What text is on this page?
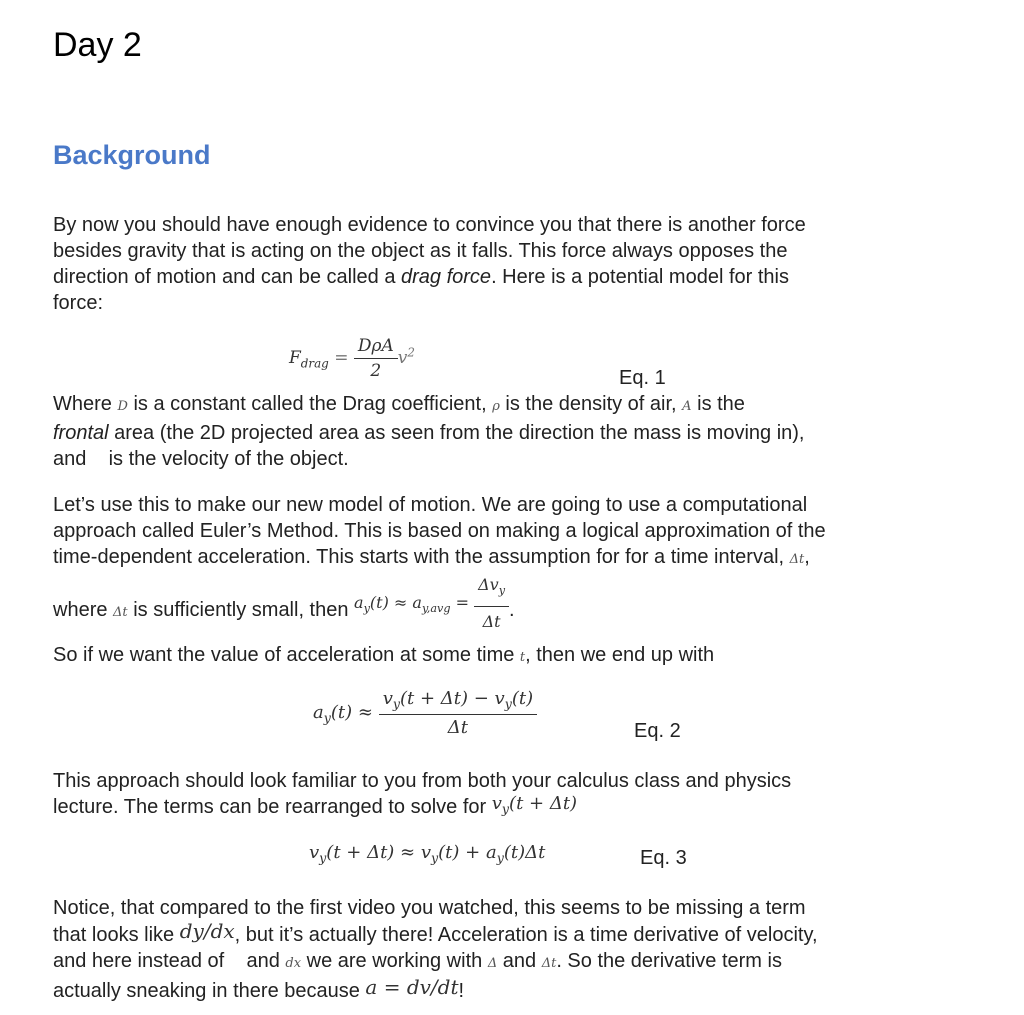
Day 2
Background
By now you should have enough evidence to convince you that there is another force
besides gravity that is acting on the object as it falls. This force always opposes the
direction of motion and can be called a drag force. Here is a potential model for this
force:
$F_{drag} = \frac{\text{DρA}}{2} v^2$
Eq. 1
Where D is a constant called the Drag coefficient, ρ is the density of air, A is the
frontal area (the 2D projected area as seen from the direction the mass is moving in),
and    is the velocity of the object.
Let’s use this to make our new model of motion. We are going to use a computational
approach called Euler’s Method. This is based on making a logical approximation of the
time-dependent acceleration. This starts with the assumption for for a time interval, Δt,
where $_{\Delta t}$ is sufficiently small, then $_{a_y(t) \approx a_{y,avg} = \frac{\Delta v_y}{\Delta t}}$ .
So if we want the value of acceleration at some time t, then we end up with
$a_y(t) \approx \frac{v_y(t + \Delta t) - v_y(t)}{\Delta t}$	Eq. 2
This approach should look familiar to you from both your calculus class and physics
lecture. The terms can be rearranged to solve for $v_y(t + \Delta t)$
$v_y(t + \Delta t) \approx v_y(t) + a_y(t)\Delta t$	Eq. 3
Notice, that compared to the first video you watched, this seems to be missing a term
that looks like dy/dx, but it’s actually there! Acceleration is a time derivative of velocity,
and here instead of    and dx we are working with Δ and Δt. So the derivative term is
actually sneaking in there because a = dv/dt!
